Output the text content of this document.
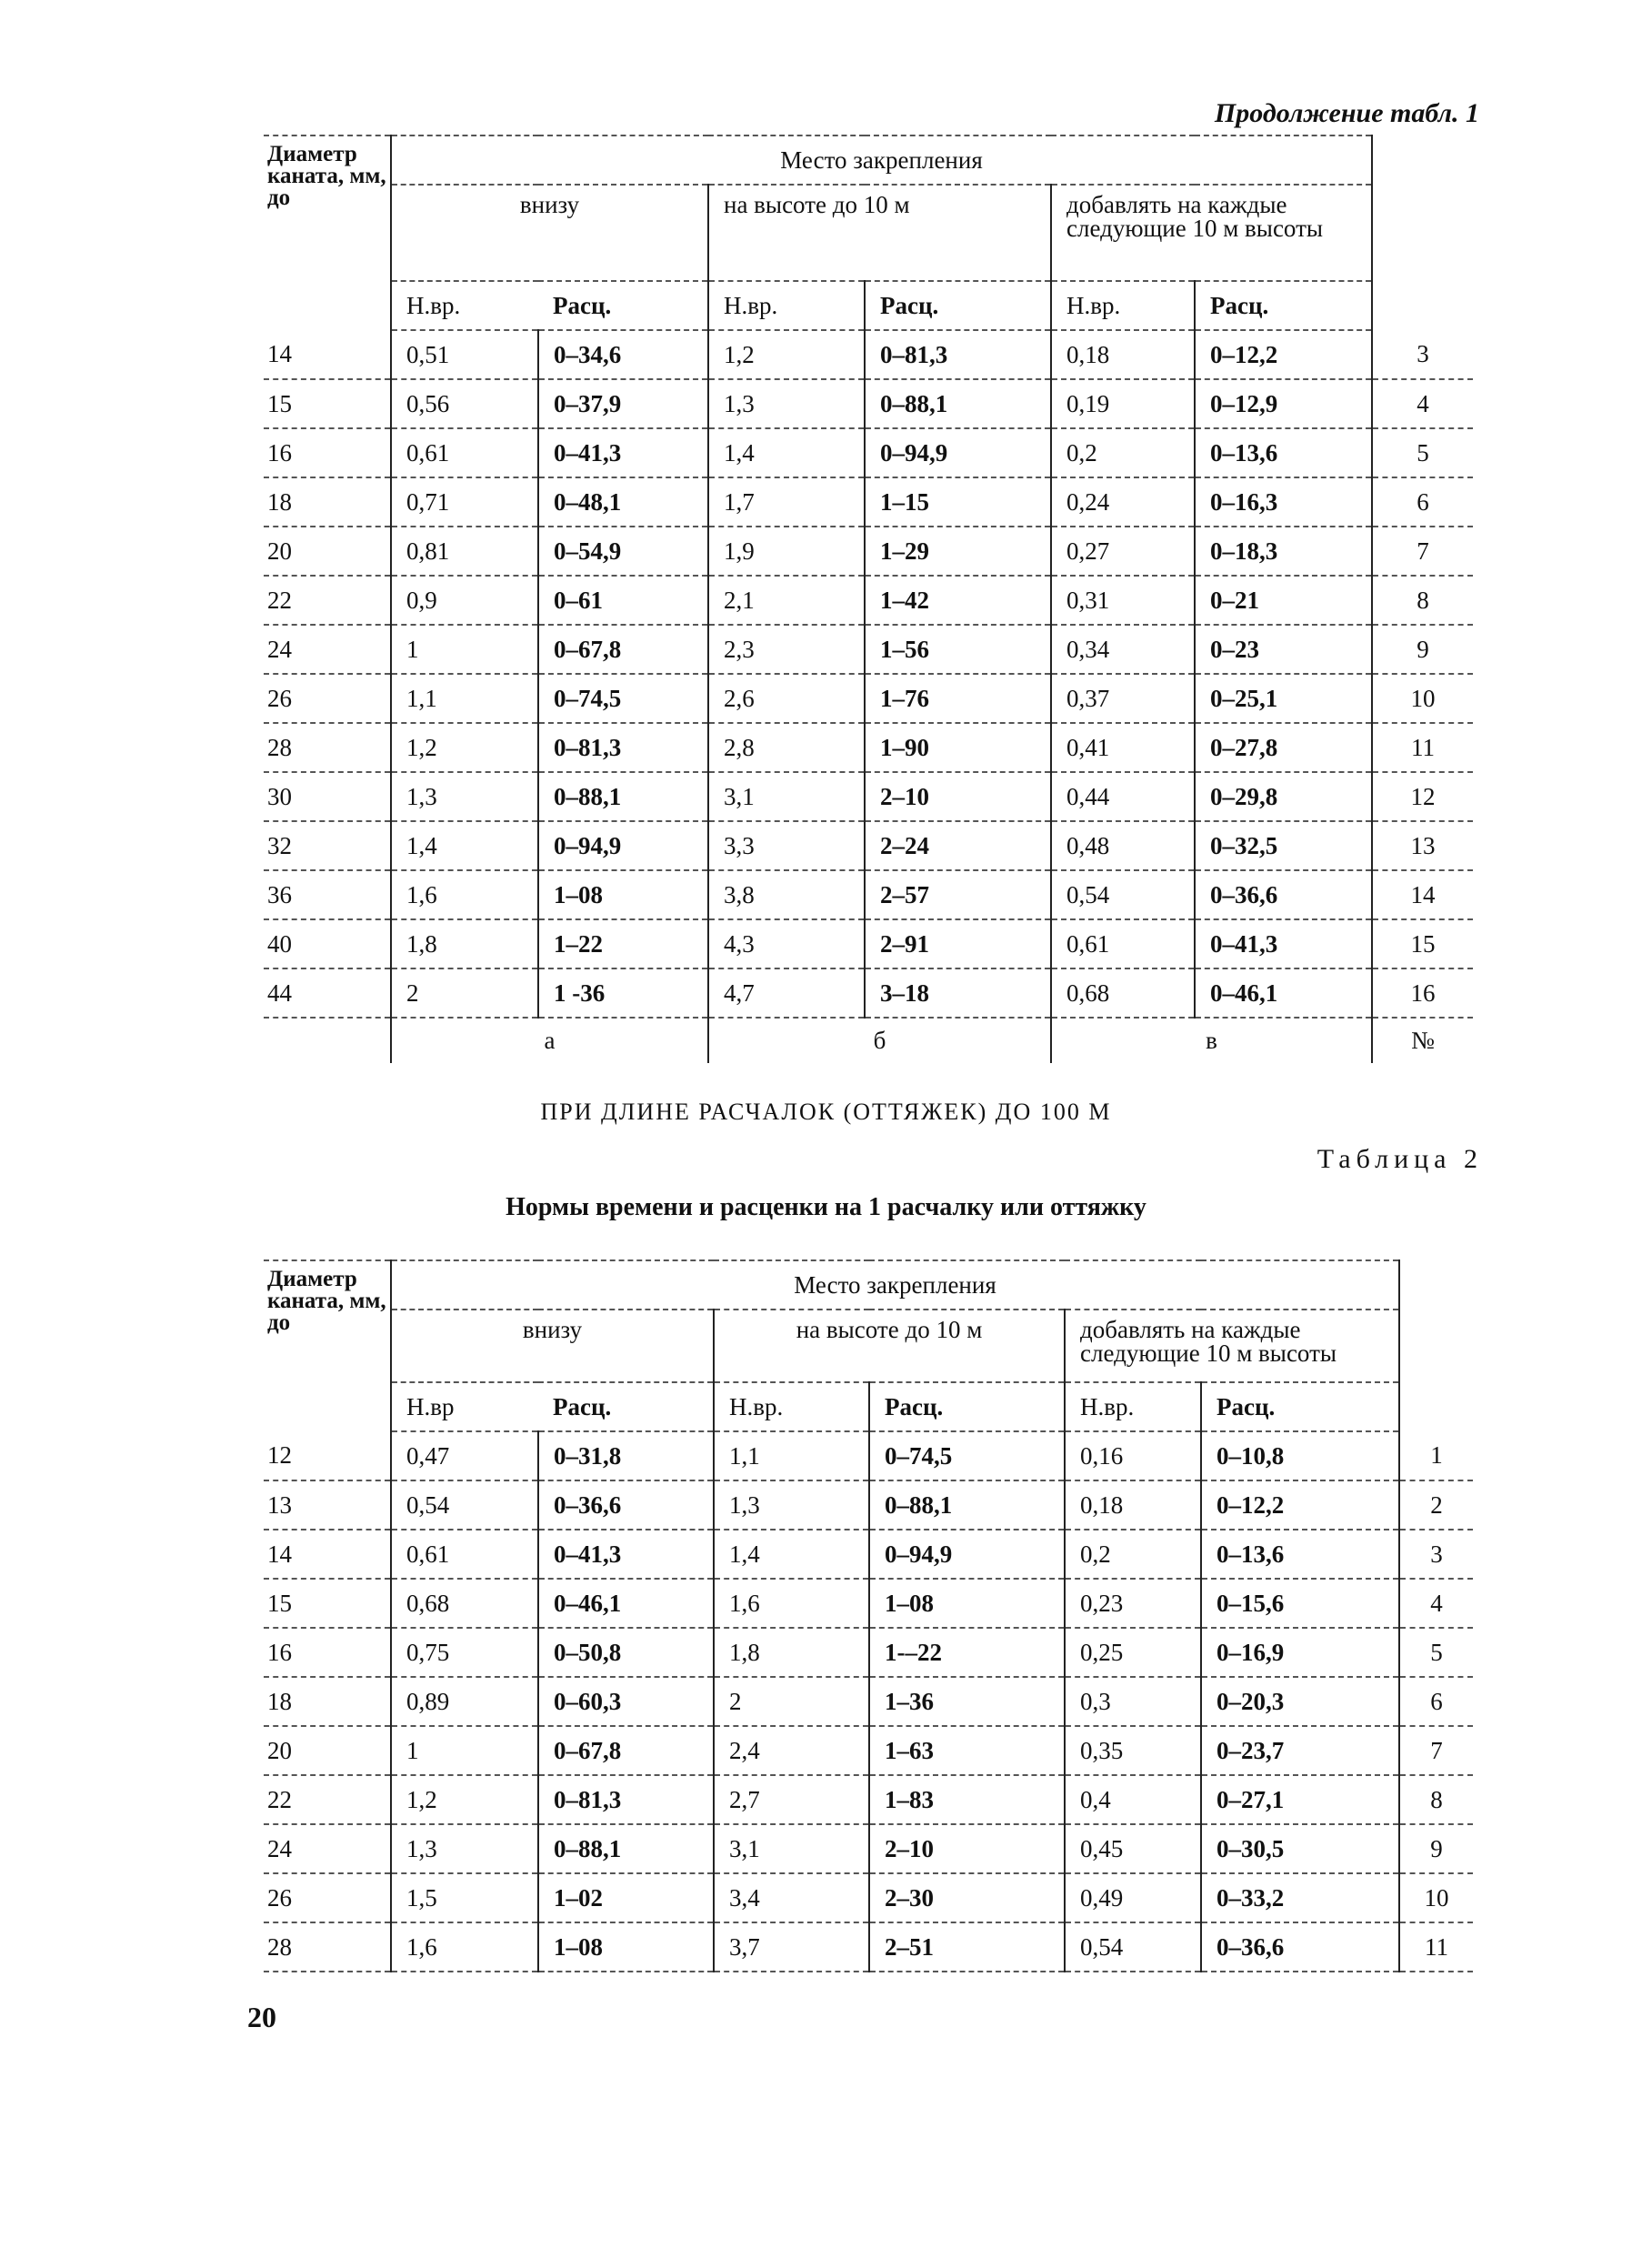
Продолжение табл. 1
Диаметр каната, мм, до	Место закрепления						
	внизу		на высоте до 10 м		добавлять на каждые следующие 10 м высоты		
	Н.вр.	Расц.	Н.вр.	Расц.	Н.вр.	Расц.	
14	0,51	0–34,6	1,2	0–81,3	0,18	0–12,2	3
15	0,56	0–37,9	1,3	0–88,1	0,19	0–12,9	4
16	0,61	0–41,3	1,4	0–94,9	0,2	0–13,6	5
18	0,71	0–48,1	1,7	1–15	0,24	0–16,3	6
20	0,81	0–54,9	1,9	1–29	0,27	0–18,3	7
22	0,9	0–61	2,1	1–42	0,31	0–21	8
24	1	0–67,8	2,3	1–56	0,34	0–23	9
26	1,1	0–74,5	2,6	1–76	0,37	0–25,1	10
28	1,2	0–81,3	2,8	1–90	0,41	0–27,8	11
30	1,3	0–88,1	3,1	2–10	0,44	0–29,8	12
32	1,4	0–94,9	3,3	2–24	0,48	0–32,5	13
36	1,6	1–08	3,8	2–57	0,54	0–36,6	14
40	1,8	1–22	4,3	2–91	0,61	0–41,3	15
44	2	1 -36	4,7	3–18	0,68	0–46,1	16
	а		б		в		№
ПРИ ДЛИНЕ РАСЧАЛОК (ОТТЯЖЕК) ДО 100 М
Таблица 2
Нормы времени и расценки на 1 расчалку или оттяжку
Диаметр каната, мм, до	Место закрепления						
	внизу		на высоте до 10 м		добавлять на каждые следующие 10 м высоты		
	Н.вр	Расц.	Н.вр.	Расц.	Н.вр.	Расц.	
12	0,47	0–31,8	1,1	0–74,5	0,16	0–10,8	1
13	0,54	0–36,6	1,3	0–88,1	0,18	0–12,2	2
14	0,61	0–41,3	1,4	0–94,9	0,2	0–13,6	3
15	0,68	0–46,1	1,6	1–08	0,23	0–15,6	4
16	0,75	0–50,8	1,8	1-–22	0,25	0–16,9	5
18	0,89	0–60,3	2	1–36	0,3	0–20,3	6
20	1	0–67,8	2,4	1–63	0,35	0–23,7	7
22	1,2	0–81,3	2,7	1–83	0,4	0–27,1	8
24	1,3	0–88,1	3,1	2–10	0,45	0–30,5	9
26	1,5	1–02	3,4	2–30	0,49	0–33,2	10
28	1,6	1–08	3,7	2–51	0,54	0–36,6	11
20
